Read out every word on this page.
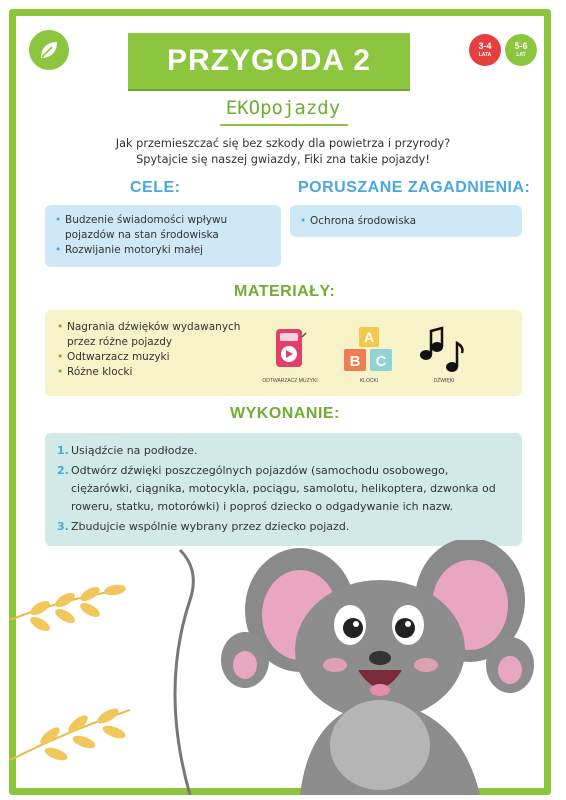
PRZYGODA 2	3-4
LATA
5-6
LAT
EKOpojazdy
Jak przemieszczać się bez szkody dla powietrza i przyrody?
Spytajcie się naszej gwiazdy, Fiki zna takie pojazdy!
CELE:
• Budzenie świadomości wpływu pojazdów na stan środowiska
• Rozwijanie motoryki małej
PORUSZANE ZAGADNIENIA:
• Ochrona środowiska
MATERIAŁY:
• Nagrania dźwięków wydawanych przez różne pojazdy
• Odtwarzacz muzyki
• Różne klocki
A
B C
ODTWARZACZ MUZYKI	KLOCKI	DŹWIĘKI
WYKONANIE:
1. Usiądźcie na podłodze.
2. Odtwórz dźwięki poszczególnych pojazdów (samochodu osobowego, ciężarówki, ciągnika, motocykla, pociągu, samolotu, helikoptera, dzwonka od roweru, statku, motorówki) i poproś dziecko o odgadywanie ich nazw.
3. Zbudujcie wspólnie wybrany przez dziecko pojazd.
